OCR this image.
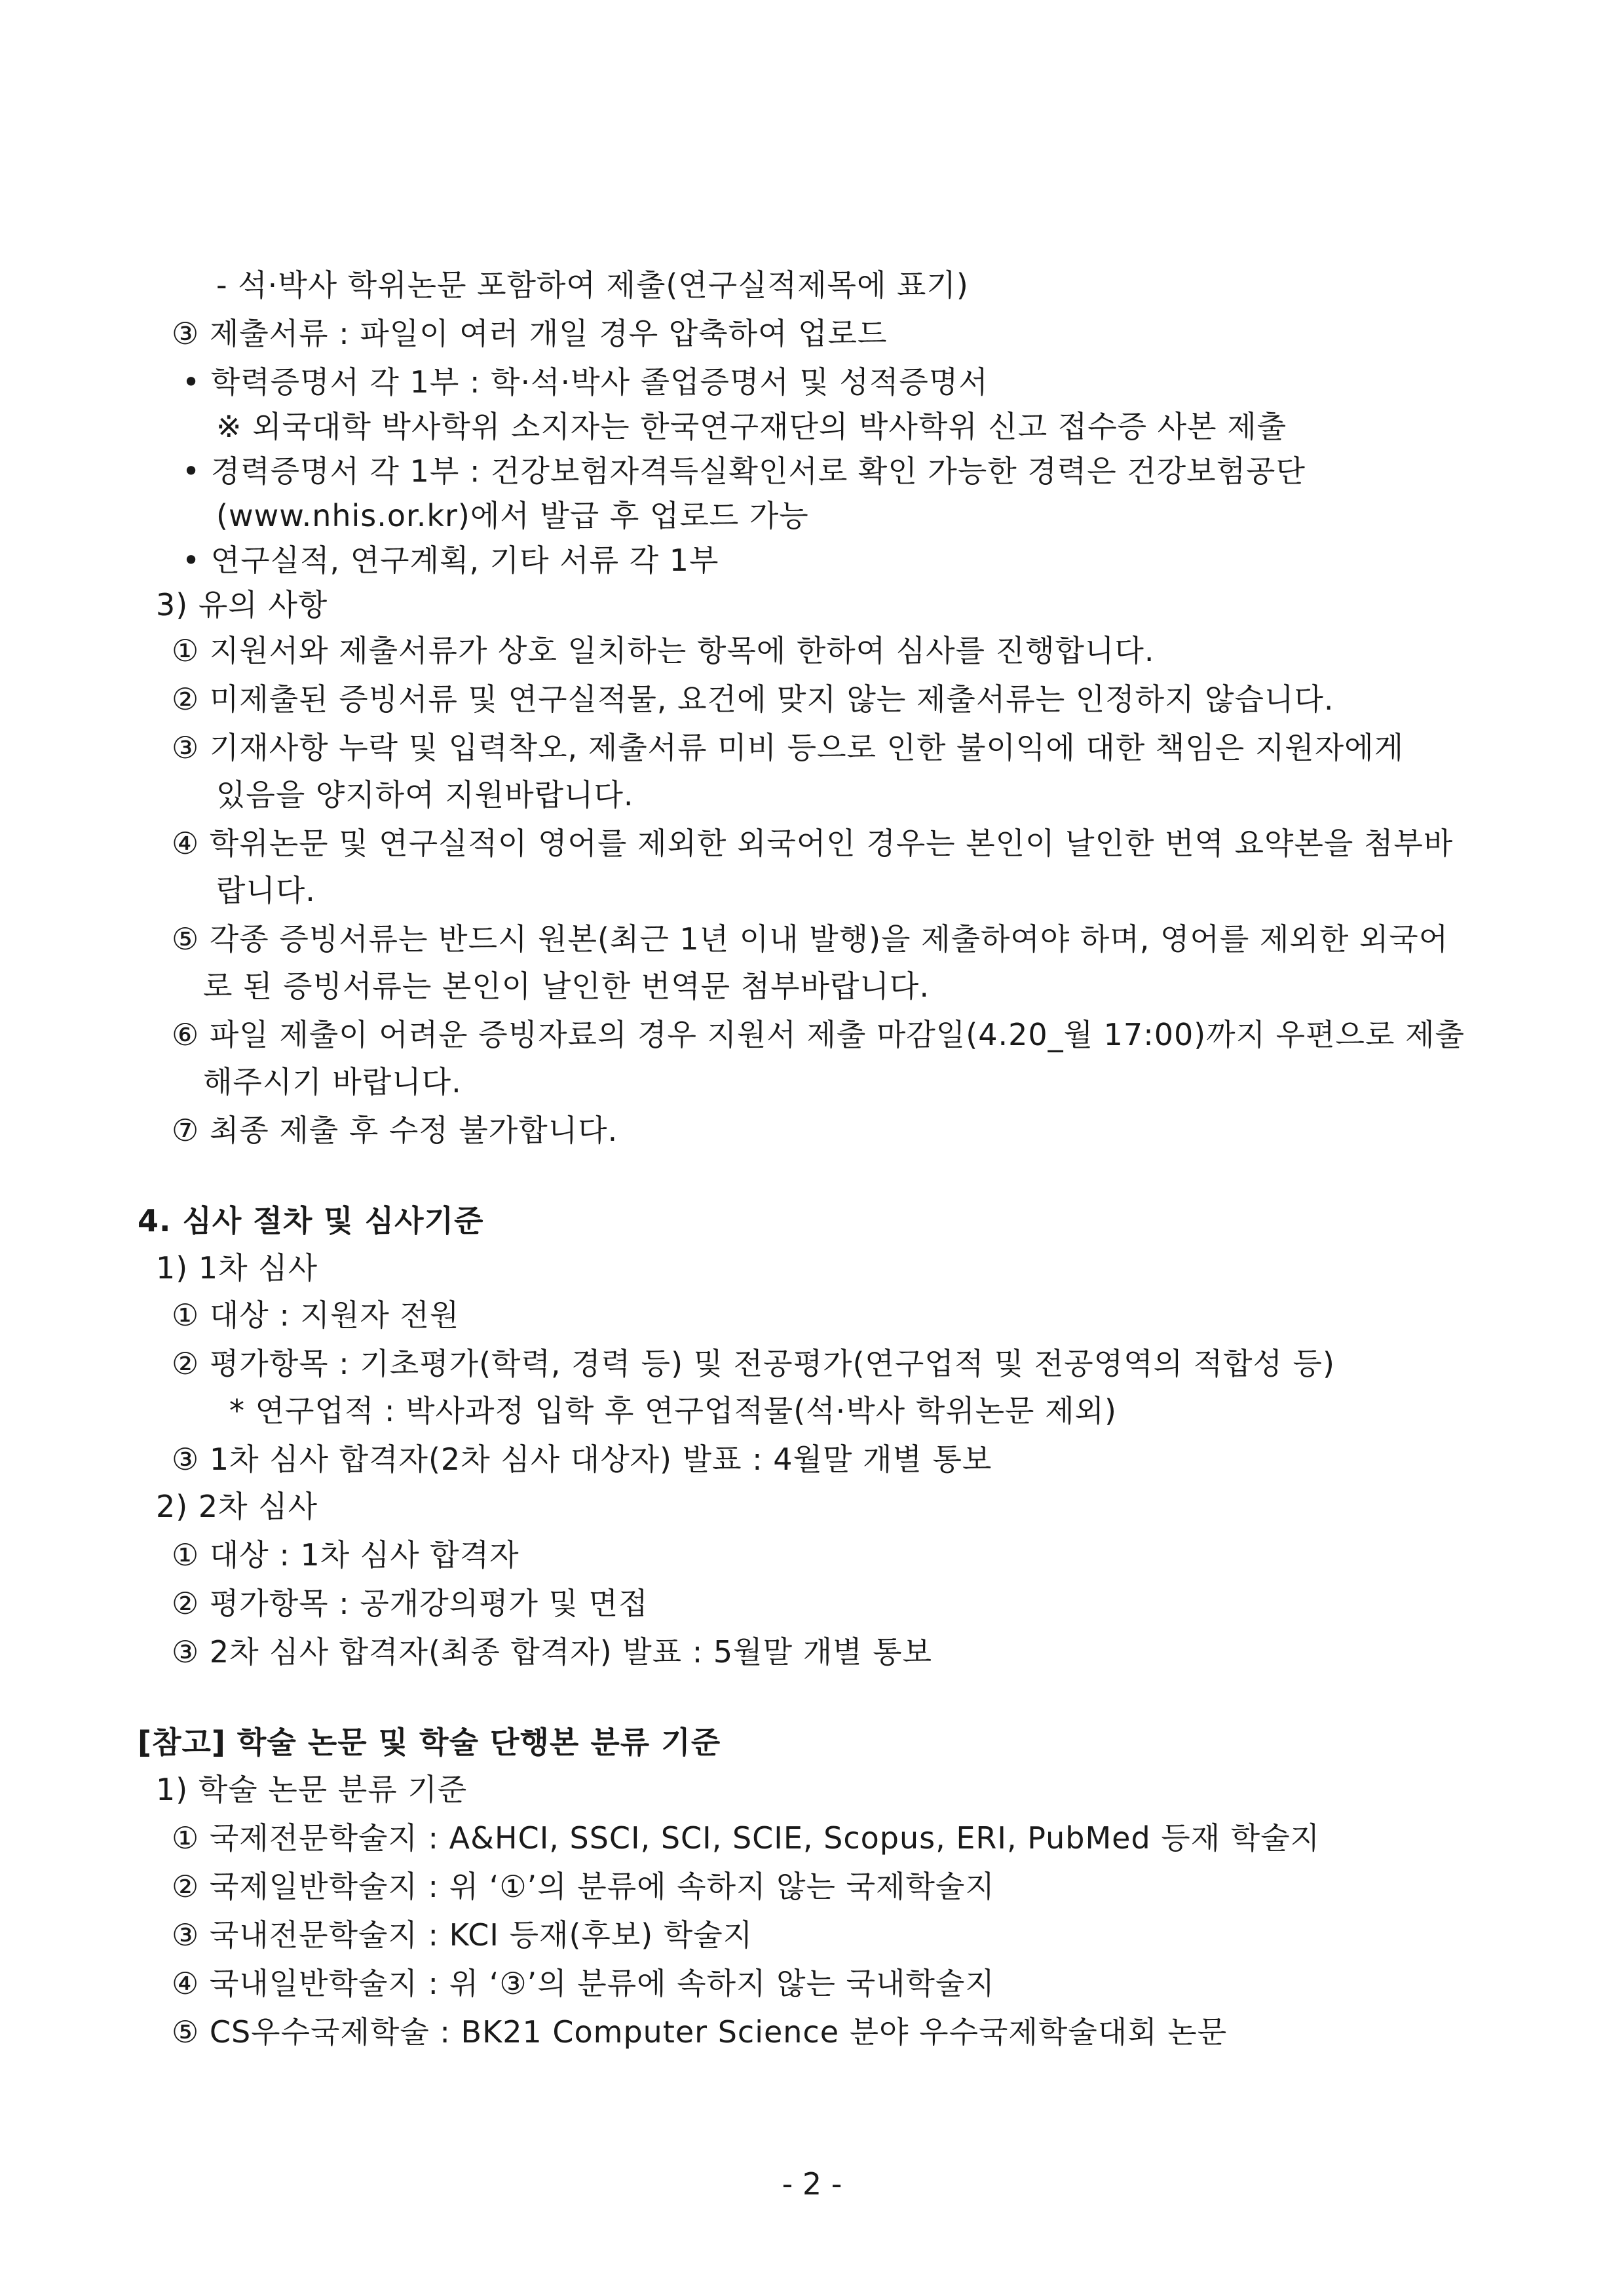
- 석·박사 학위논문 포함하여 제출(연구실적제목에 표기)
③ 제출서류 : 파일이 여러 개일 경우 압축하여 업로드
• 학력증명서 각 1부 : 학·석·박사 졸업증명서 및 성적증명서
※ 외국대학 박사학위 소지자는 한국연구재단의 박사학위 신고 접수증 사본 제출
• 경력증명서 각 1부 : 건강보험자격득실확인서로 확인 가능한 경력은 건강보험공단
(www.nhis.or.kr)에서 발급 후 업로드 가능
• 연구실적, 연구계획, 기타 서류 각 1부
3) 유의 사항
① 지원서와 제출서류가 상호 일치하는 항목에 한하여 심사를 진행합니다.
② 미제출된 증빙서류 및 연구실적물, 요건에 맞지 않는 제출서류는 인정하지 않습니다.
③ 기재사항 누락 및 입력착오, 제출서류 미비 등으로 인한 불이익에 대한 책임은 지원자에게
있음을 양지하여 지원바랍니다.
④ 학위논문 및 연구실적이 영어를 제외한 외국어인 경우는 본인이 날인한 번역 요약본을 첨부바
랍니다.
⑤ 각종 증빙서류는 반드시 원본(최근 1년 이내 발행)을 제출하여야 하며, 영어를 제외한 외국어
로 된 증빙서류는 본인이 날인한 번역문 첨부바랍니다.
⑥ 파일 제출이 어려운 증빙자료의 경우 지원서 제출 마감일(4.20_월 17:00)까지 우편으로 제출
해주시기 바랍니다.
⑦ 최종 제출 후 수정 불가합니다.
4. 심사 절차 및 심사기준
1) 1차 심사
① 대상 : 지원자 전원
② 평가항목 : 기초평가(학력, 경력 등) 및 전공평가(연구업적 및 전공영역의 적합성 등)
* 연구업적 : 박사과정 입학 후 연구업적물(석·박사 학위논문 제외)
③ 1차 심사 합격자(2차 심사 대상자) 발표 : 4월말 개별 통보
2) 2차 심사
① 대상 : 1차 심사 합격자
② 평가항목 : 공개강의평가 및 면접
③ 2차 심사 합격자(최종 합격자) 발표 : 5월말 개별 통보
[참고] 학술 논문 및 학술 단행본 분류 기준
1) 학술 논문 분류 기준
① 국제전문학술지 : A&HCI, SSCI, SCI, SCIE, Scopus, ERI, PubMed 등재 학술지
② 국제일반학술지 : 위 ‘①’의 분류에 속하지 않는 국제학술지
③ 국내전문학술지 : KCI 등재(후보) 학술지
④ 국내일반학술지 : 위 ‘③’의 분류에 속하지 않는 국내학술지
⑤ CS우수국제학술 : BK21 Computer Science 분야 우수국제학술대회 논문
- 2 -
